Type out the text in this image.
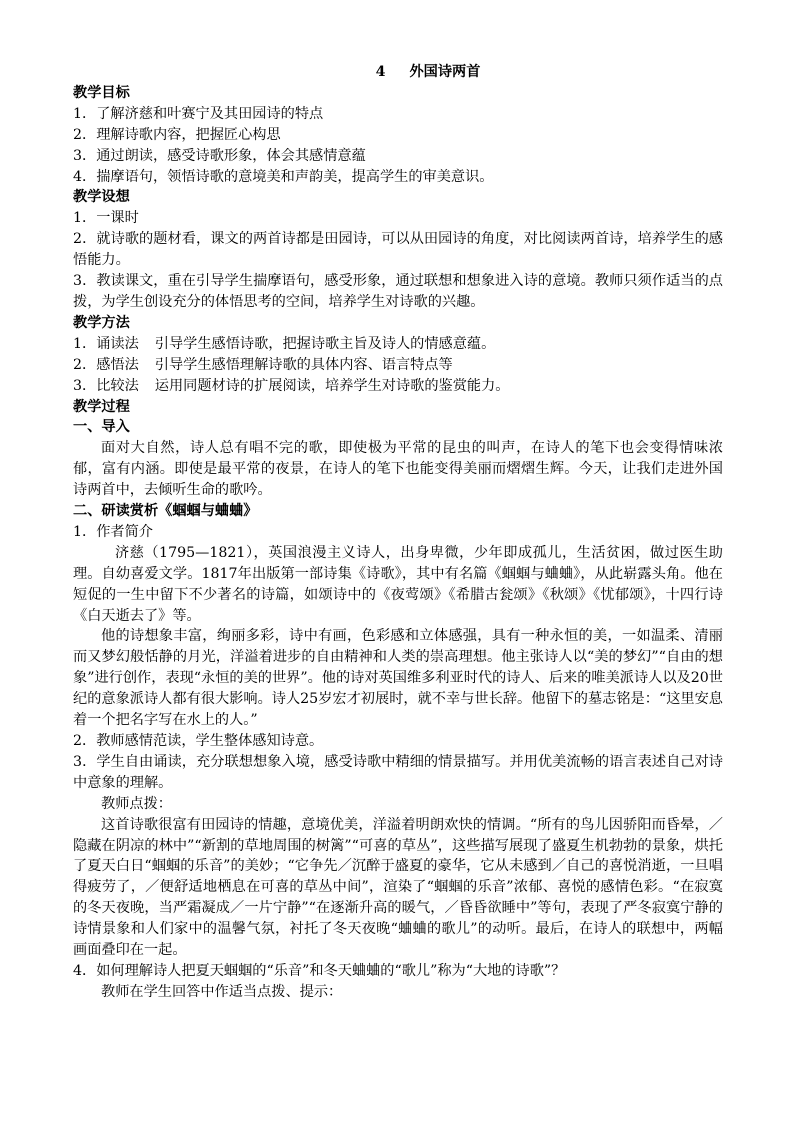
4 外国诗两首
教学目标
1．了解济慈和叶赛宁及其田园诗的特点
2．理解诗歌内容，把握匠心构思
3．通过朗读，感受诗歌形象，体会其感情意蕴
4．揣摩语句，领悟诗歌的意境美和声韵美，提高学生的审美意识。
教学设想
1．一课时
2．就诗歌的题材看，课文的两首诗都是田园诗，可以从田园诗的角度，对比阅读两首诗，培养学生的感悟能力。
3．教读课文，重在引导学生揣摩语句，感受形象，通过联想和想象进入诗的意境。教师只须作适当的点拨，为学生创设充分的体悟思考的空间，培养学生对诗歌的兴趣。
教学方法
1．诵读法 引导学生感悟诗歌，把握诗歌主旨及诗人的情感意蕴。
2．感悟法 引导学生感悟理解诗歌的具体内容、语言特点等
3．比较法 运用同题材诗的扩展阅读，培养学生对诗歌的鉴赏能力。
教学过程
一、导入
面对大自然，诗人总有唱不完的歌，即使极为平常的昆虫的叫声，在诗人的笔下也会变得情味浓郁，富有内涵。即使是最平常的夜景，在诗人的笔下也能变得美丽而熠熠生辉。今天，让我们走进外国诗两首中，去倾听生命的歌吟。
二、研读赏析《蝈蝈与蛐蛐》
1．作者简介
济慈（1795—1821），英国浪漫主义诗人，出身卑微，少年即成孤儿，生活贫困，做过医生助理。自幼喜爱文学。1817年出版第一部诗集《诗歌》，其中有名篇《蝈蝈与蛐蛐》，从此崭露头角。他在短促的一生中留下不少著名的诗篇，如颂诗中的《夜莺颂》《希腊古瓮颂》《秋颂》《忧郁颂》，十四行诗《白天逝去了》等。
他的诗想象丰富，绚丽多彩，诗中有画，色彩感和立体感强，具有一种永恒的美，一如温柔、清丽而又梦幻般恬静的月光，洋溢着进步的自由精神和人类的崇高理想。他主张诗人以“美的梦幻”“自由的想象”进行创作，表现“永恒的美的世界”。他的诗对英国维多利亚时代的诗人、后来的唯美派诗人以及20世纪的意象派诗人都有很大影响。诗人25岁宏才初展时，就不幸与世长辞。他留下的墓志铭是：“这里安息着一个把名字写在水上的人。”
2．教师感情范读，学生整体感知诗意。
3．学生自由诵读，充分联想想象入境，感受诗歌中精细的情景描写。并用优美流畅的语言表述自己对诗中意象的理解。
教师点拨：
这首诗歌很富有田园诗的情趣，意境优美，洋溢着明朗欢快的情调。“所有的鸟儿因骄阳而昏晕，／隐藏在阴凉的林中”“新割的草地周围的树篱”“可喜的草丛”，这些描写展现了盛夏生机勃勃的景象，烘托了夏天白日“蝈蝈的乐音”的美妙；“它争先／沉醉于盛夏的豪华，它从未感到／自己的喜悦消逝，一旦唱得疲劳了，／便舒适地栖息在可喜的草丛中间”，渲染了“蝈蝈的乐音”浓郁、喜悦的感情色彩。“在寂寞的冬天夜晚，当严霜凝成／一片宁静”“在逐渐升高的暖气，／昏昏欲睡中”等句，表现了严冬寂寞宁静的诗情景象和人们家中的温馨气氛，衬托了冬天夜晚“蛐蛐的歌儿”的动听。最后，在诗人的联想中，两幅画面叠印在一起。
4．如何理解诗人把夏天蝈蝈的“乐音”和冬天蛐蛐的“歌儿”称为“大地的诗歌”？
教师在学生回答中作适当点拨、提示：
